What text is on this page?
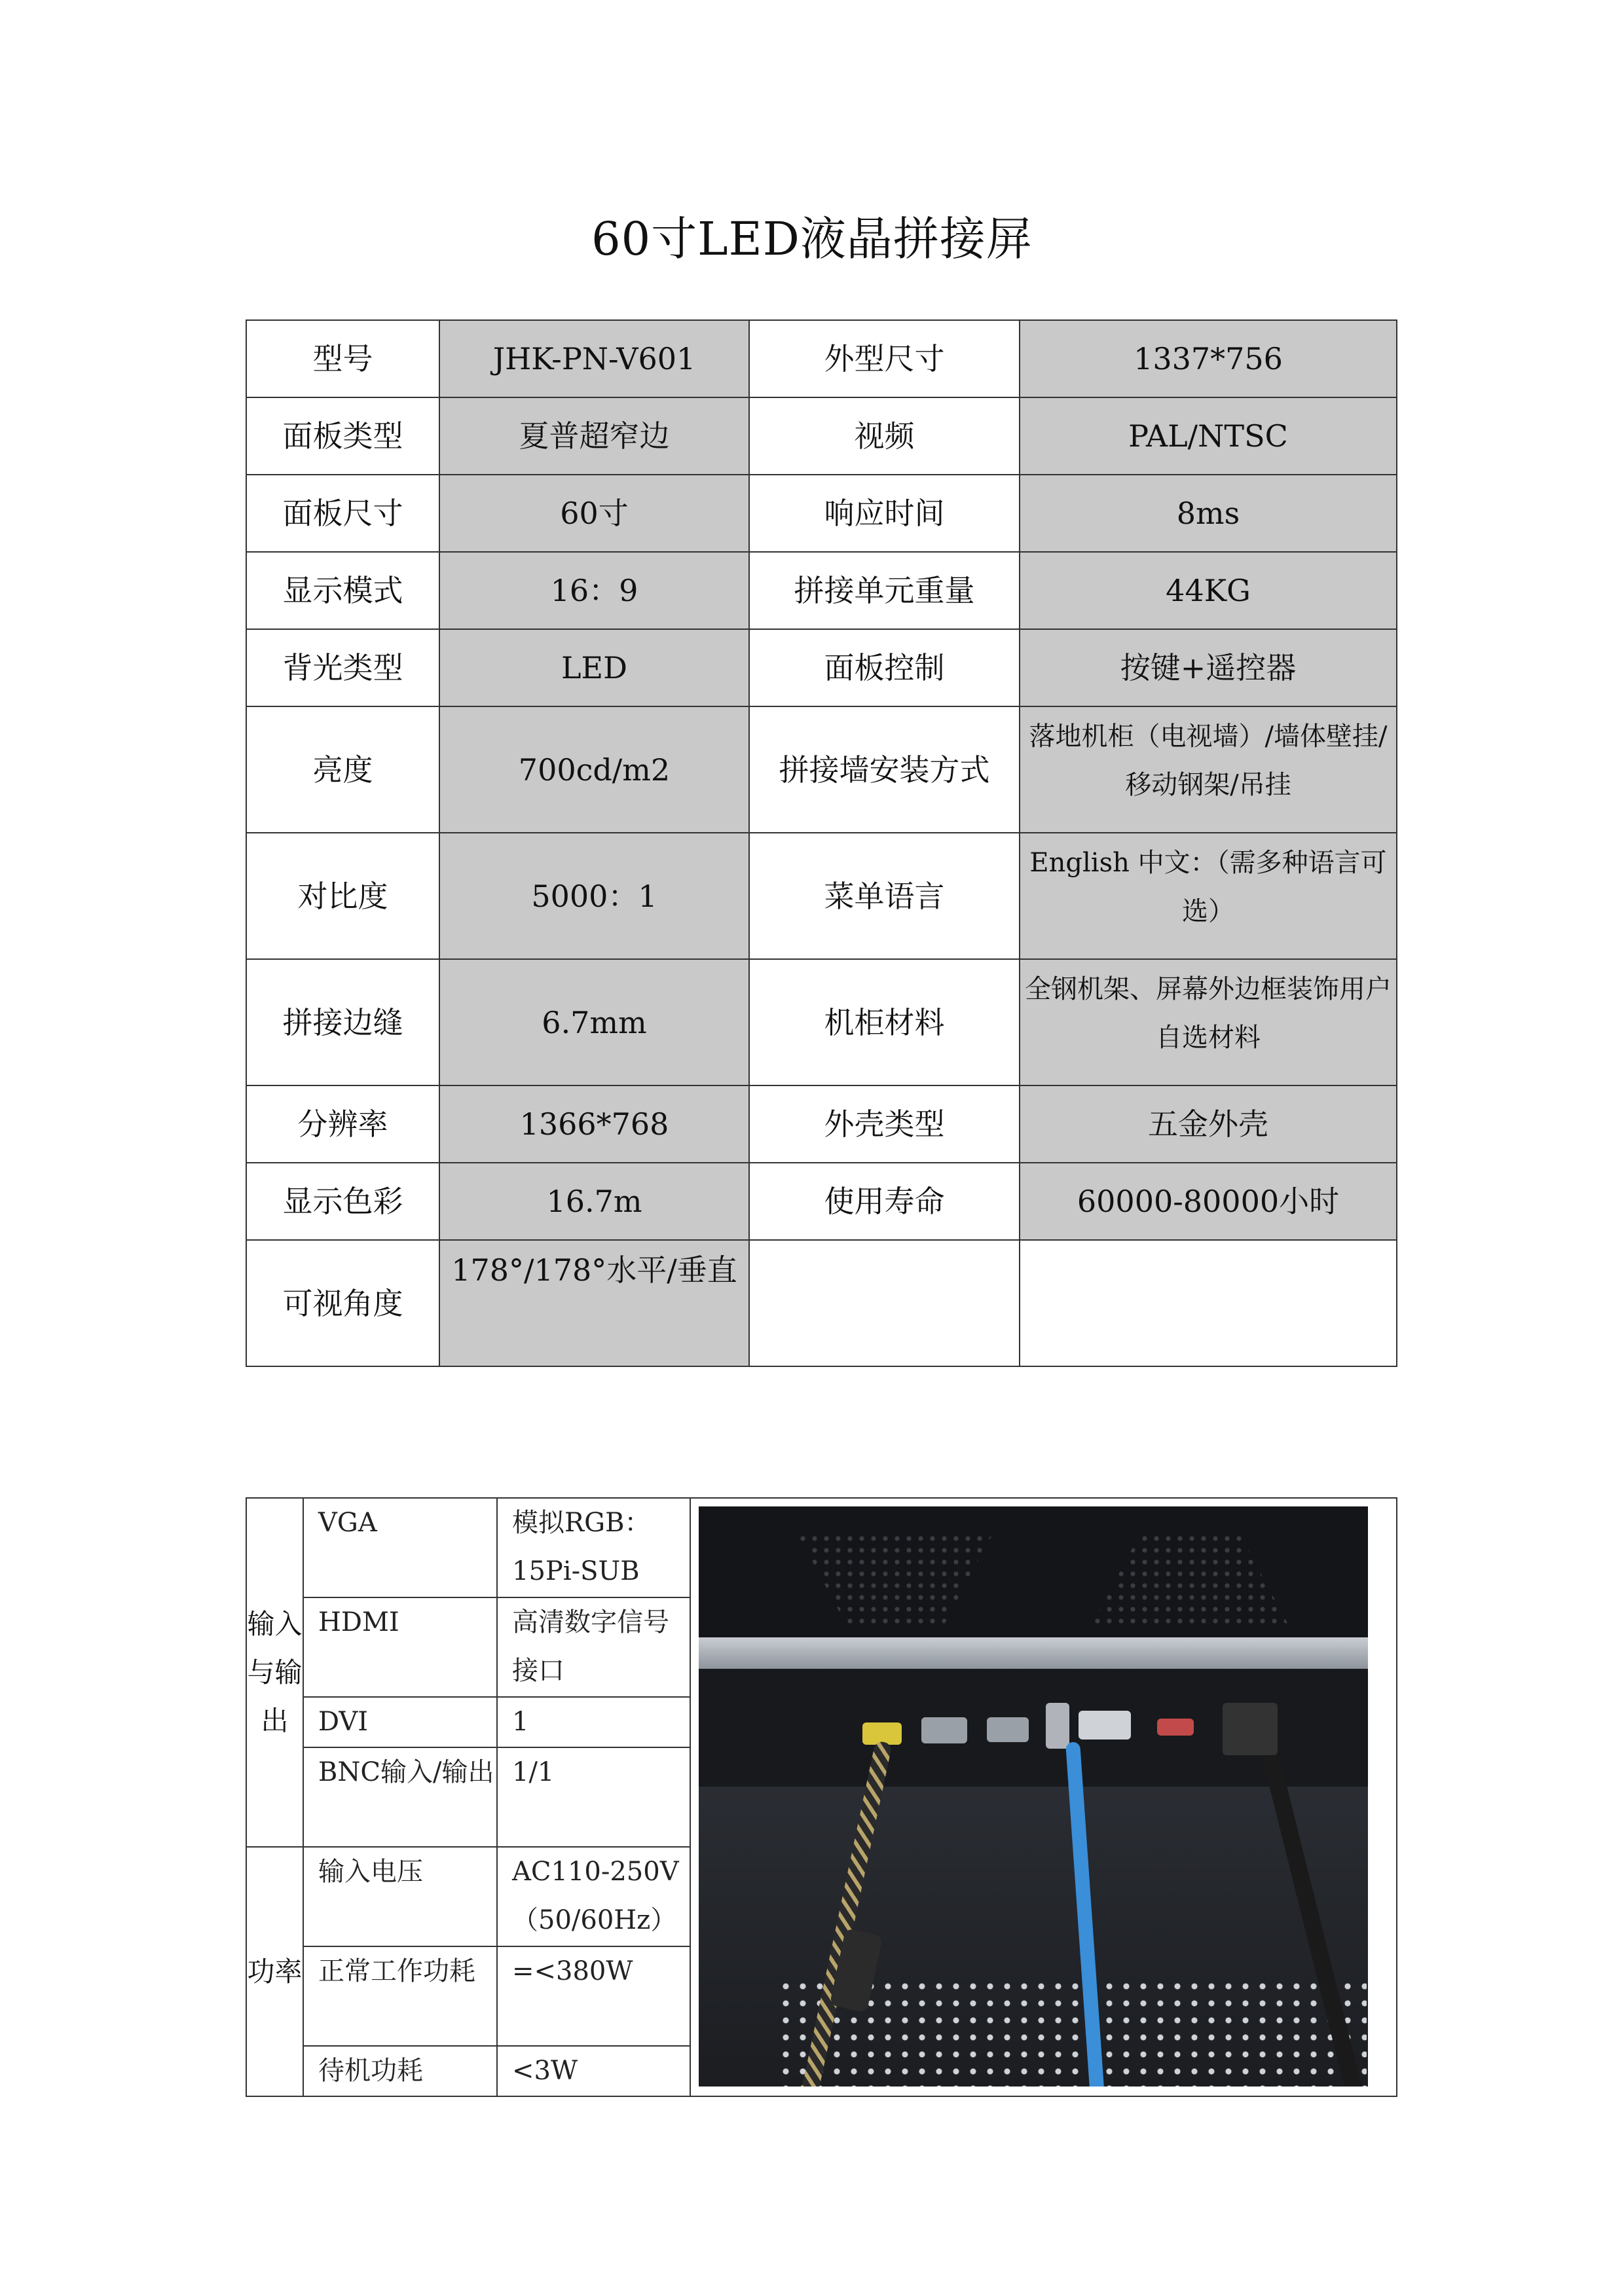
60寸LED液晶拼接屏
型号	JHK-PN-V601	外型尺寸	1337*756
面板类型	夏普超窄边	视频	PAL/NTSC
面板尺寸	60寸	响应时间	8ms
显示模式	16：9	拼接单元重量	44KG
背光类型	LED	面板控制	按键+遥控器
亮度	700cd/m2	拼接墙安装方式	落地机柜（电视墙）/墙体壁挂/移动钢架/吊挂
对比度	5000：1	菜单语言	English 中文：（需多种语言可选）
拼接边缝	6.7mm	机柜材料	全钢机架、屏幕外边框装饰用户自选材料
分辨率	1366*768	外壳类型	五金外壳
显示色彩	16.7m	使用寿命	60000-80000小时
可视角度	178°/178°水平/垂直		
输入与输出	VGA	模拟RGB：15Pi-SUB	

	HDMI	高清数字信号接口	
	DVI	1	
	BNC输入/输出	1/1	

功率	输入电压	AC110-250V（50/60Hz）	
	正常工作功耗	=<380W	
	待机功耗	<3W	
